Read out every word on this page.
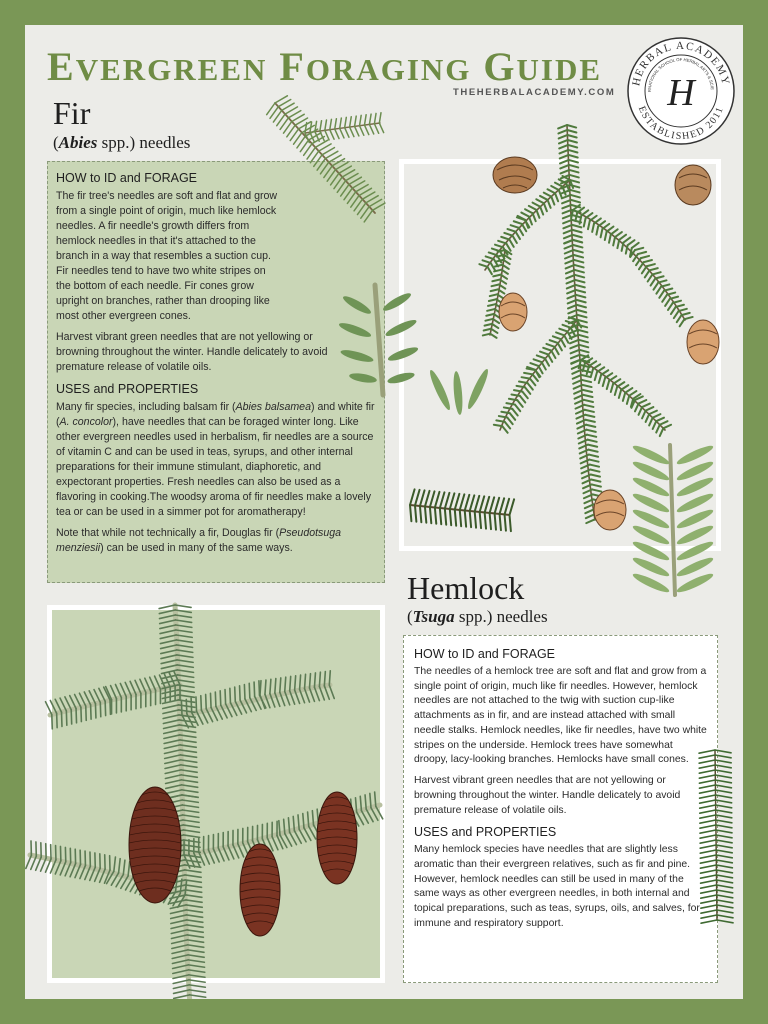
EVERGREEN FORAGING GUIDE
THEHERBALACADEMY.COM
HERBAL ACADEMY
ESTABLISHED 2011
RNATIONAL SCHOOL OF HERBAL ARTS & SCIE
H
Fir
(Abies spp.) needles
HOW to ID and FORAGE

The fir tree's needles are soft and flat and grow from a single point of origin, much like hemlock needles. A fir needle's growth differs from hemlock needles in that it's attached to the branch in a way that resembles a suction cup. Fir needles tend to have two white stripes on the bottom of each needle. Fir cones grow upright on branches, rather than drooping like most other evergreen cones.

Harvest vibrant green needles that are not yellowing or browning throughout the winter. Handle delicately to avoid premature release of volatile oils.

USES and PROPERTIES

Many fir species, including balsam fir (Abies balsamea) and white fir (A. concolor), have needles that can be foraged winter long. Like other evergreen needles used in herbalism, fir needles are a source of vitamin C and can be used in teas, syrups, and other internal preparations for their immune stimulant, diaphoretic, and expectorant properties. Fresh needles can also be used as a flavoring in cooking.The woodsy aroma of fir needles make a lovely tea or can be used in a simmer pot for aromatherapy!

Note that while not technically a fir, Douglas fir (Pseudotsuga menziesii) can be used in many of the same ways.

Hemlock
(Tsuga spp.) needles
HOW to ID and FORAGE

The needles of a hemlock tree are soft and flat and grow from a single point of origin, much like fir needles. However, hemlock needles are not attached to the twig with suction cup-like attachments as in fir, and are instead attached with small needle stalks. Hemlock needles, like fir needles, have two white stripes on the underside. Hemlock trees have somewhat droopy, lacy-looking branches. Hemlocks have small cones.

Harvest vibrant green needles that are not yellowing or browning throughout the winter. Handle delicately to avoid premature release of volatile oils.

USES and PROPERTIES

Many hemlock species have needles that are slightly less aromatic than their evergreen relatives, such as fir and pine. However, hemlock needles can still be used in many of the same ways as other evergreen needles, in both internal and topical preparations, such as teas, syrups, oils, and salves, for immune and respiratory support.
